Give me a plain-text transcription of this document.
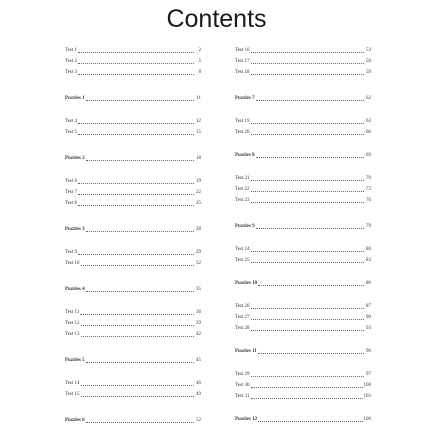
Contents
Test 1	2
Test 2	5
Test 3	8
Puzzles 1	11
Test 4	12
Test 5	15
Puzzles 2	18
Test 6	19
Test 7	22
Test 8	25
Puzzles 3	28
Test 9	29
Test 10	32
Puzzles 4	35
Test 11	36
Test 12	39
Test 13	42
Puzzles 5	45
Test 14	46
Test 15	49
Puzzles 6	52
Test 16	53
Test 17	56
Test 18	59
Puzzles 7	62
Test 19	63
Test 20	66
Puzzles 8	69
Test 21	70
Test 22	73
Test 23	76
Puzzles 9	79
Test 24	80
Test 25	83
Puzzles 10	86
Test 26	87
Test 27	90
Test 28	93
Puzzles 11	96
Test 29	97
Test 30	100
Test 31	103
Puzzles 12	106
